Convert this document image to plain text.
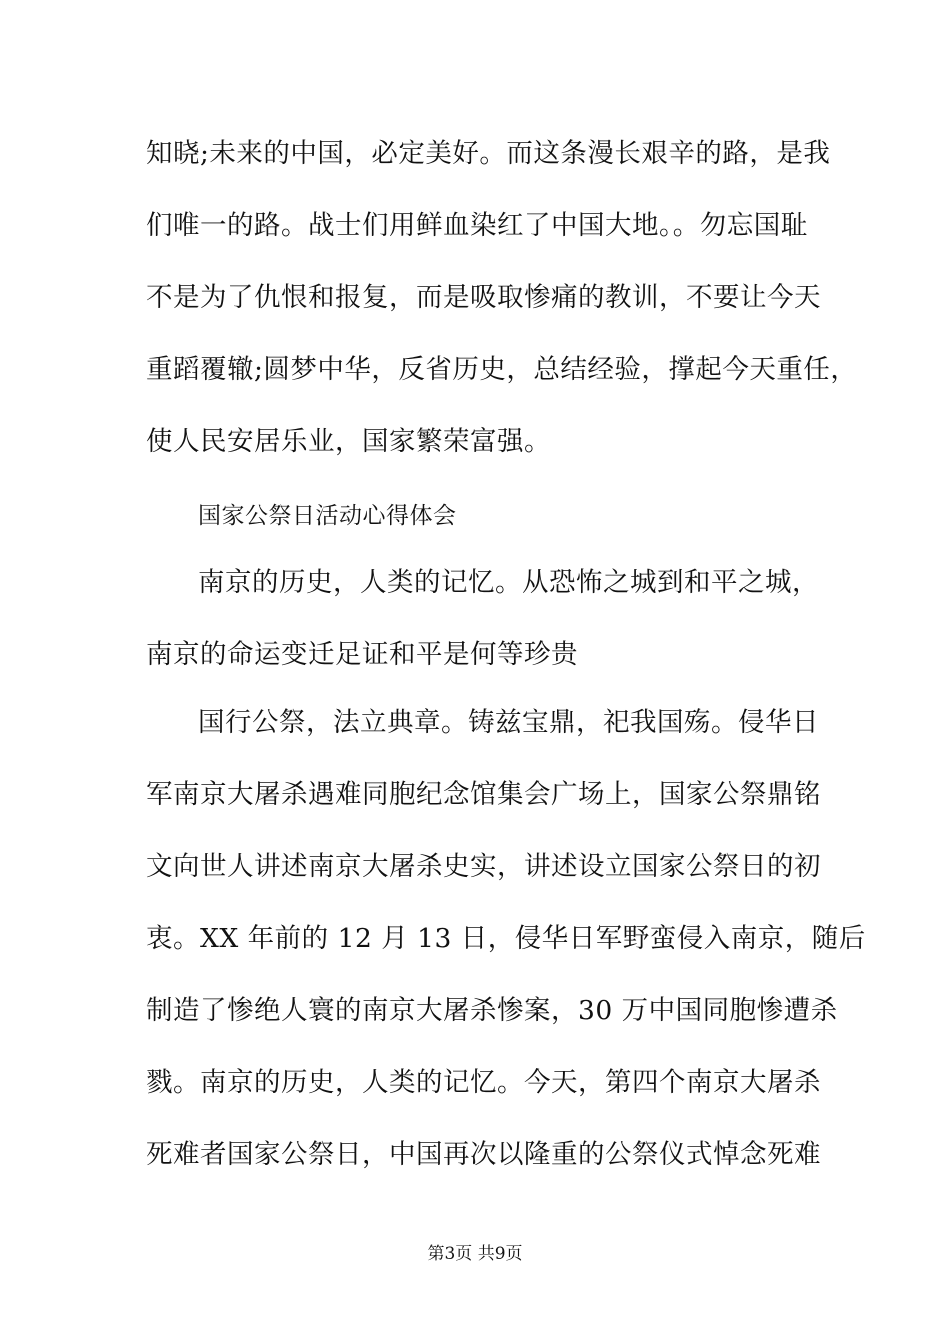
知晓;未来的中国，必定美好。而这条漫长艰辛的路，是我
们唯一的路。战士们用鲜血染红了中国大地。。勿忘国耻
不是为了仇恨和报复，而是吸取惨痛的教训，不要让今天
重蹈覆辙;圆梦中华，反省历史，总结经验，撑起今天重任，
使人民安居乐业，国家繁荣富强。
国家公祭日活动心得体会
南京的历史，人类的记忆。从恐怖之城到和平之城，
南京的命运变迁足证和平是何等珍贵
国行公祭，法立典章。铸兹宝鼎，祀我国殇。侵华日
军南京大屠杀遇难同胞纪念馆集会广场上，国家公祭鼎铭
文向世人讲述南京大屠杀史实，讲述设立国家公祭日的初
衷。XX 年前的 12 月 13 日，侵华日军野蛮侵入南京，随后
制造了惨绝人寰的南京大屠杀惨案，30 万中国同胞惨遭杀
戮。南京的历史，人类的记忆。今天，第四个南京大屠杀
死难者国家公祭日，中国再次以隆重的公祭仪式悼念死难
第3页 共9页
